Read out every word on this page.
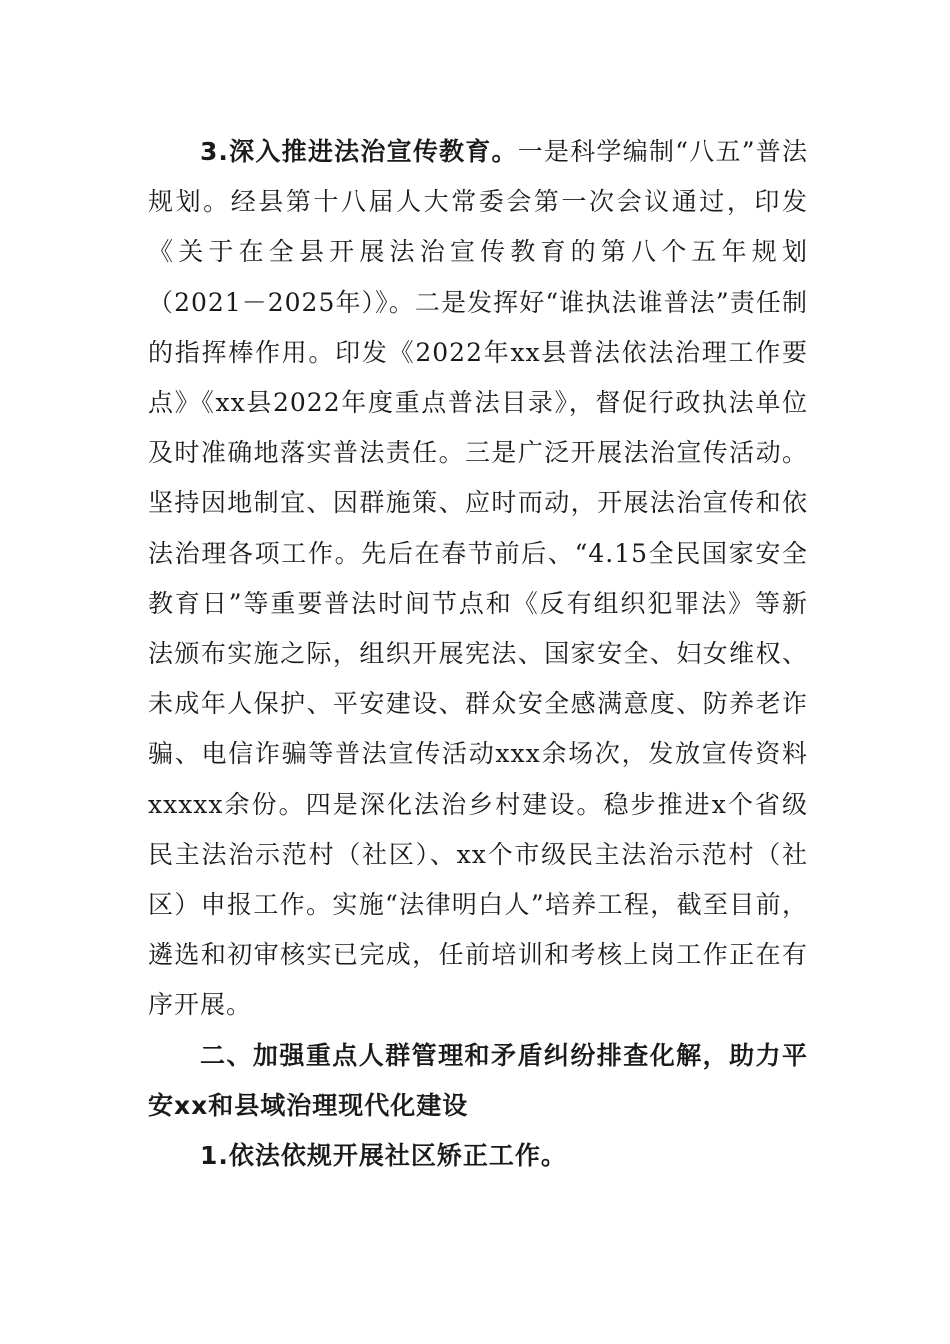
3.深入推进法治宣传教育。一是科学编制“八五”普法规划。经县第十八届人大常委会第一次会议通过，印发《关于在全县开展法治宣传教育的第八个五年规划（2021－2025年）》。二是发挥好“谁执法谁普法”责任制的指挥棒作用。印发《2022年xx县普法依法治理工作要点》《xx县2022年度重点普法目录》，督促行政执法单位及时准确地落实普法责任。三是广泛开展法治宣传活动。坚持因地制宜、因群施策、应时而动，开展法治宣传和依法治理各项工作。先后在春节前后、“4.15全民国家安全教育日”等重要普法时间节点和《反有组织犯罪法》等新法颁布实施之际，组织开展宪法、国家安全、妇女维权、未成年人保护、平安建设、群众安全感满意度、防养老诈骗、电信诈骗等普法宣传活动xxx余场次，发放宣传资料xxxxx余份。四是深化法治乡村建设。稳步推进x个省级民主法治示范村（社区）、xx个市级民主法治示范村（社区）申报工作。实施“法律明白人”培养工程，截至目前，遴选和初审核实已完成，任前培训和考核上岗工作正在有序开展。

二、加强重点人群管理和矛盾纠纷排查化解，助力平安xx和县域治理现代化建设

1.依法依规开展社区矫正工作。
